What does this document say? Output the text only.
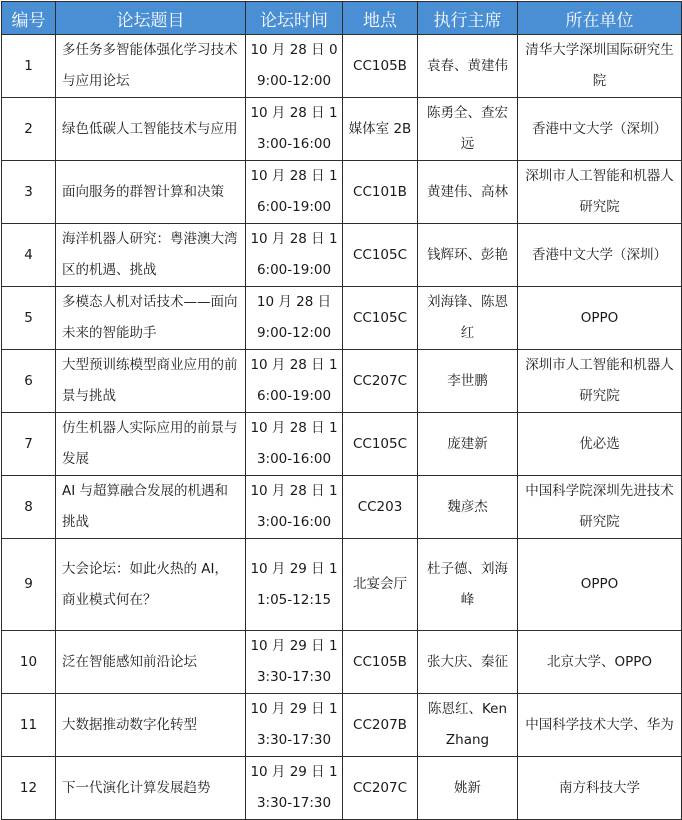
编号	论坛题目	论坛时间	地点	执行主席	所在单位
1	多任务多智能体强化学习技术与应用论坛	10 月 28 日 09:00-12:00	CC105B	袁春、黄建伟	清华大学深圳国际研究生院
2	绿色低碳人工智能技术与应用	10 月 28 日 13:00-16:00	媒体室 2B	陈勇全、查宏远	香港中文大学（深圳）
3	面向服务的群智计算和决策	10 月 28 日 16:00-19:00	CC101B	黄建伟、高林	深圳市人工智能和机器人研究院
4	海洋机器人研究：粤港澳大湾区的机遇、挑战	10 月 28 日 16:00-19:00	CC105C	钱辉环、彭艳	香港中文大学（深圳）
5	多模态人机对话技术——面向未来的智能助手	10 月 28 日 9:00-12:00	CC105C	刘海锋、陈恩红	OPPO
6	大型预训练模型商业应用的前景与挑战	10 月 28 日 16:00-19:00	CC207C	李世鹏	深圳市人工智能和机器人研究院
7	仿生机器人实际应用的前景与发展	10 月 28 日 13:00-16:00	CC105C	庞建新	优必选
8	AI 与超算融合发展的机遇和挑战	10 月 28 日 13:00-16:00	CC203	魏彦杰	中国科学院深圳先进技术研究院
9	大会论坛：如此火热的 AI，商业模式何在？	10 月 29 日 11:05-12:15	北宴会厅	杜子德、刘海峰	OPPO
10	泛在智能感知前沿论坛	10 月 29 日 13:30-17:30	CC105B	张大庆、秦征	北京大学、OPPO
11	大数据推动数字化转型	10 月 29 日 13:30-17:30	CC207B	陈恩红、Ken Zhang	中国科学技术大学、华为
12	下一代演化计算发展趋势	10 月 29 日 13:30-17:30	CC207C	姚新	南方科技大学
